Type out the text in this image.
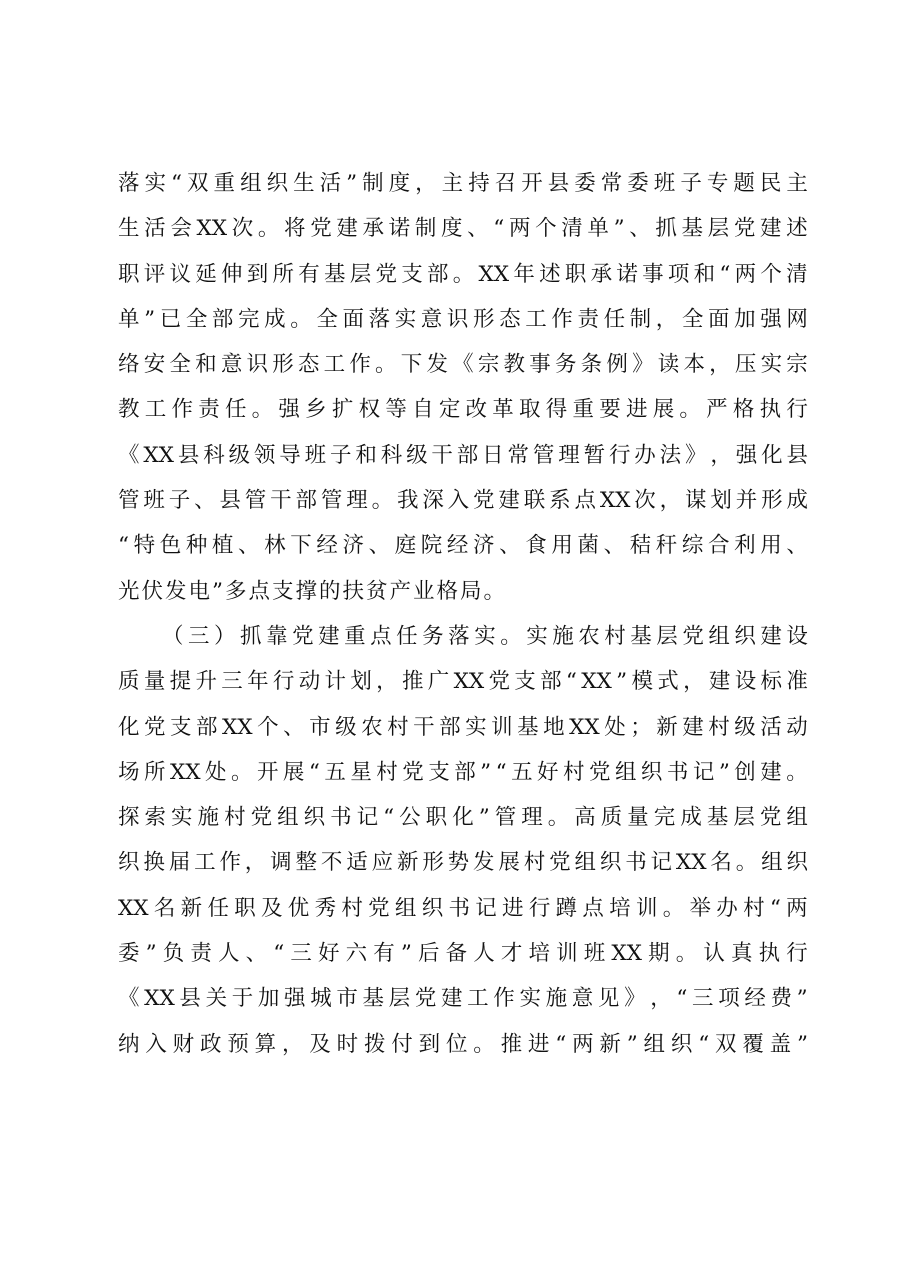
落 实 “ 双 重 组 织 生 活 ” 制 度 ， 主 持 召 开 县 委 常 委 班 子 专 题 民 主
生 活 会 XX 次 。 将 党 建 承 诺 制 度 、 “ 两 个 清 单 ” 、 抓 基 层 党 建 述
职 评 议 延 伸 到 所 有 基 层 党 支 部 。 XX 年 述 职 承 诺 事 项 和 “ 两 个 清
单 ” 已 全 部 完 成 。 全 面 落 实 意 识 形 态 工 作 责 任 制 ， 全 面 加 强 网
络 安 全 和 意 识 形 态 工 作 。 下 发 《 宗 教 事 务 条 例 》 读 本 ， 压 实 宗
教 工 作 责 任 。 强 乡 扩 权 等 自 定 改 革 取 得 重 要 进 展 。 严 格 执 行
《 XX 县 科 级 领 导 班 子 和 科 级 干 部 日 常 管 理 暂 行 办 法 》 ， 强 化 县
管 班 子 、 县 管 干 部 管 理 。 我 深 入 党 建 联 系 点 XX 次 ， 谋 划 并 形 成
“ 特 色 种 植 、 林 下 经 济 、 庭 院 经 济 、 食 用 菌 、 秸 秆 综 合 利 用 、
光伏发电”多点支撑的扶贫产业格局。
（ 三 ） 抓 靠 党 建 重 点 任 务 落 实 。 实 施 农 村 基 层 党 组 织 建 设
质 量 提 升 三 年 行 动 计 划 ， 推 广 XX 党 支 部 “ XX ” 模 式 ， 建 设 标 准
化 党 支 部 XX 个 、 市 级 农 村 干 部 实 训 基 地 XX 处 ； 新 建 村 级 活 动
场 所 XX 处 。 开 展 “ 五 星 村 党 支 部 ” “ 五 好 村 党 组 织 书 记 ” 创 建 。
探 索 实 施 村 党 组 织 书 记 “ 公 职 化 ” 管 理 。 高 质 量 完 成 基 层 党 组
织 换 届 工 作 ， 调 整 不 适 应 新 形 势 发 展 村 党 组 织 书 记 XX 名 。 组 织
XX 名 新 任 职 及 优 秀 村 党 组 织 书 记 进 行 蹲 点 培 训 。 举 办 村 “ 两
委 ” 负 责 人 、 “ 三 好 六 有 ” 后 备 人 才 培 训 班 XX 期 。 认 真 执 行
《 XX 县 关 于 加 强 城 市 基 层 党 建 工 作 实 施 意 见 》 ， “ 三 项 经 费 ”
纳 入 财 政 预 算 ， 及 时 拨 付 到 位 。 推 进 “ 两 新 ” 组 织 “ 双 覆 盖 ”
